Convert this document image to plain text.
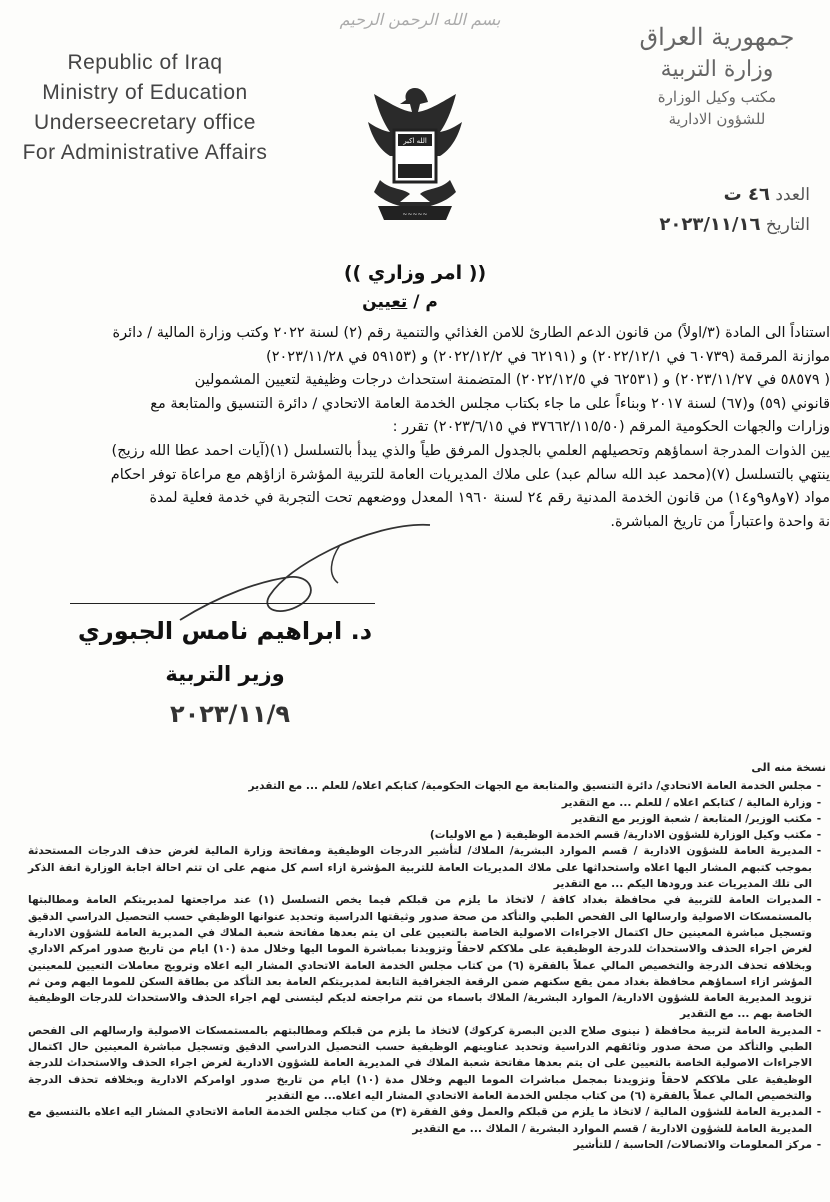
Republic of Iraq
Ministry of Education
Underseecretary office
For Administrative Affairs
بسم الله الرحمن الرحيم
الله اكبر
~~~~~
جمهورية العراق
وزارة التربية
مكتب وكيل الوزارة
للشؤون الادارية
العدد ٤٦ ت
التاريخ ٢٠٢٣/١١/١٦
(( امر وزاري ))
م / تعيين

استناداً الى المادة (٣/اولاً) من قانون الدعم الطارئ للامن الغذائي والتنمية رقم (٢) لسنة ٢٠٢٢ وكتب وزارة المالية / دائرة

موازنة المرقمة (٦٠٧٣٩ في ٢٠٢٢/١٢/١) و (٦٢١٩١ في ٢٠٢٢/١٢/٢) و (٥٩١٥٣ في ٢٠٢٣/١١/٢٨)

( ٥٨٥٧٩ في ٢٠٢٣/١١/٢٧) و (٦٢٥٣١ في ٢٠٢٢/١٢/٥) المتضمنة استحداث درجات وظيفية لتعيين المشمولين

قانوني (٥٩) و(٦٧) لسنة ٢٠١٧ وبناءاً على ما جاء بكتاب مجلس الخدمة العامة الاتحادي / دائرة التنسيق والمتابعة مع

وزارات والجهات الحكومية المرقم (٣٧٦٦٢/١١٥/٥٠ في ٢٠٢٣/٦/١٥) تقرر :

يين الذوات المدرجة اسماؤهم وتحصيلهم العلمي بالجدول المرفق طياً والذي يبدأ بالتسلسل (١)(آيات احمد عطا الله رزيج)

ينتهي بالتسلسل (٧)(محمد عبد الله سالم عبد) على ملاك المديريات العامة للتربية المؤشرة ازاؤهم مع مراعاة توفر احكام

مواد (٧و٨و٩و١٤) من قانون الخدمة المدنية رقم ٢٤ لسنة ١٩٦٠ المعدل ووضعهم تحت التجربة في خدمة فعلية لمدة

نة واحدة واعتباراً من تاريخ المباشرة.

د. ابراهيم نامس الجبوري
وزير التربية
٢٠٢٣/١١/٩
نسخة منه الى
-
مجلس الخدمة العامة الاتحادي/ دائرة التنسيق والمتابعة مع الجهات الحكومية/ كتابكم اعلاه/ للعلم ... مع التقدير
-
وزارة المالية / كتابكم اعلاه / للعلم ... مع التقدير
-
مكتب الوزير/ المتابعة / شعبة الوزير مع التقدير
-
مكتب وكيل الوزارة للشؤون الادارية/ قسم الخدمة الوظيفية ( مع الاوليات)
-
المديرية العامة للشؤون الادارية / قسم الموارد البشرية/ الملاك/ لتأشير الدرجات الوظيفية ومفاتحة وزارة المالية لغرض حذف الدرجات المستحدثة بموجب كتبهم المشار اليها اعلاه واستحداثها على ملاك المديريات العامة للتربية المؤشرة ازاء اسم كل منهم على ان تتم احالة اجابة الوزارة انفة الذكر الى تلك المديريات عند ورودها اليكم ... مع التقدير
-
المديرات العامة للتربية في محافظة بغداد كافة / لاتخاذ ما يلزم من قبلكم فيما يخص التسلسل (١) عند مراجعتها لمديريتكم العامة ومطالبتها بالمستمسكات الاصولية وارسالها الى الفحص الطبي والتأكد من صحة صدور وثيقتها الدراسية وتحديد عنوانها الوظيفي حسب التحصيل الدراسي الدقيق وتسجيل مباشرة المعينين حال اكتمال الاجراءات الاصولية الخاصة بالتعيين على ان يتم بعدها مفاتحة شعبة الملاك في المديرية العامة للشؤون الادارية لغرض اجراء الحذف والاستحداث للدرجة الوظيفية على ملاككم لاحقاً وتزويدنا بمباشرة الموما اليها وخلال مدة (١٠) ايام من تاريخ صدور امركم الاداري وبخلافه تحذف الدرجة والتخصيص المالي عملاً بالفقرة (٦) من كتاب مجلس الخدمة العامة الاتحادي المشار اليه اعلاه وترويج معاملات التعيين للمعينين المؤشر ازاء اسماؤهم محافظة بغداد ممن يقع سكنهم ضمن الرقعة الجغرافية التابعة لمديريتكم العامة بعد التأكد من بطاقة السكن للموما اليهم ومن ثم تزويد المديرية العامة للشؤون الادارية/ الموارد البشرية/ الملاك باسماء من تتم مراجعته لديكم ليتسنى لهم اجراء الحذف والاستحداث للدرجات الوظيفية الخاصة بهم ... مع التقدير
-
المديرية العامة لتربية محافظة ( نينوى صلاح الدين البصرة كركوك) لاتخاذ ما يلزم من قبلكم ومطالبتهم بالمستمسكات الاصولية وارسالهم الى الفحص الطبي والتأكد من صحة صدور وثائقهم الدراسية وتحديد عناوينهم الوظيفية حسب التحصيل الدراسي الدقيق وتسجيل مباشرة المعينين حال اكتمال الاجراءات الاصولية الخاصة بالتعيين على ان يتم بعدها مفاتحة شعبة الملاك في المديرية العامة للشؤون الادارية لغرض اجراء الحذف والاستحداث للدرجة الوظيفية على ملاككم لاحقاً وتزويدنا بمجمل مباشرات الموما اليهم وخلال مدة (١٠) ايام من تاريخ صدور اوامركم الادارية وبخلافه تحذف الدرجة والتخصيص المالي عملاً بالفقرة (٦) من كتاب مجلس الخدمة العامة الاتحادي المشار اليه اعلاه... مع التقدير
-
المديرية العامة للشؤون المالية / لاتخاذ ما يلزم من قبلكم والعمل وفق الفقرة (٣) من كتاب مجلس الخدمة العامة الاتحادي المشار اليه اعلاه بالتنسيق مع المديرية العامة للشؤون الادارية / قسم الموارد البشرية / الملاك ... مع التقدير
-
مركز المعلومات والاتصالات/ الحاسبة / للتأشير
